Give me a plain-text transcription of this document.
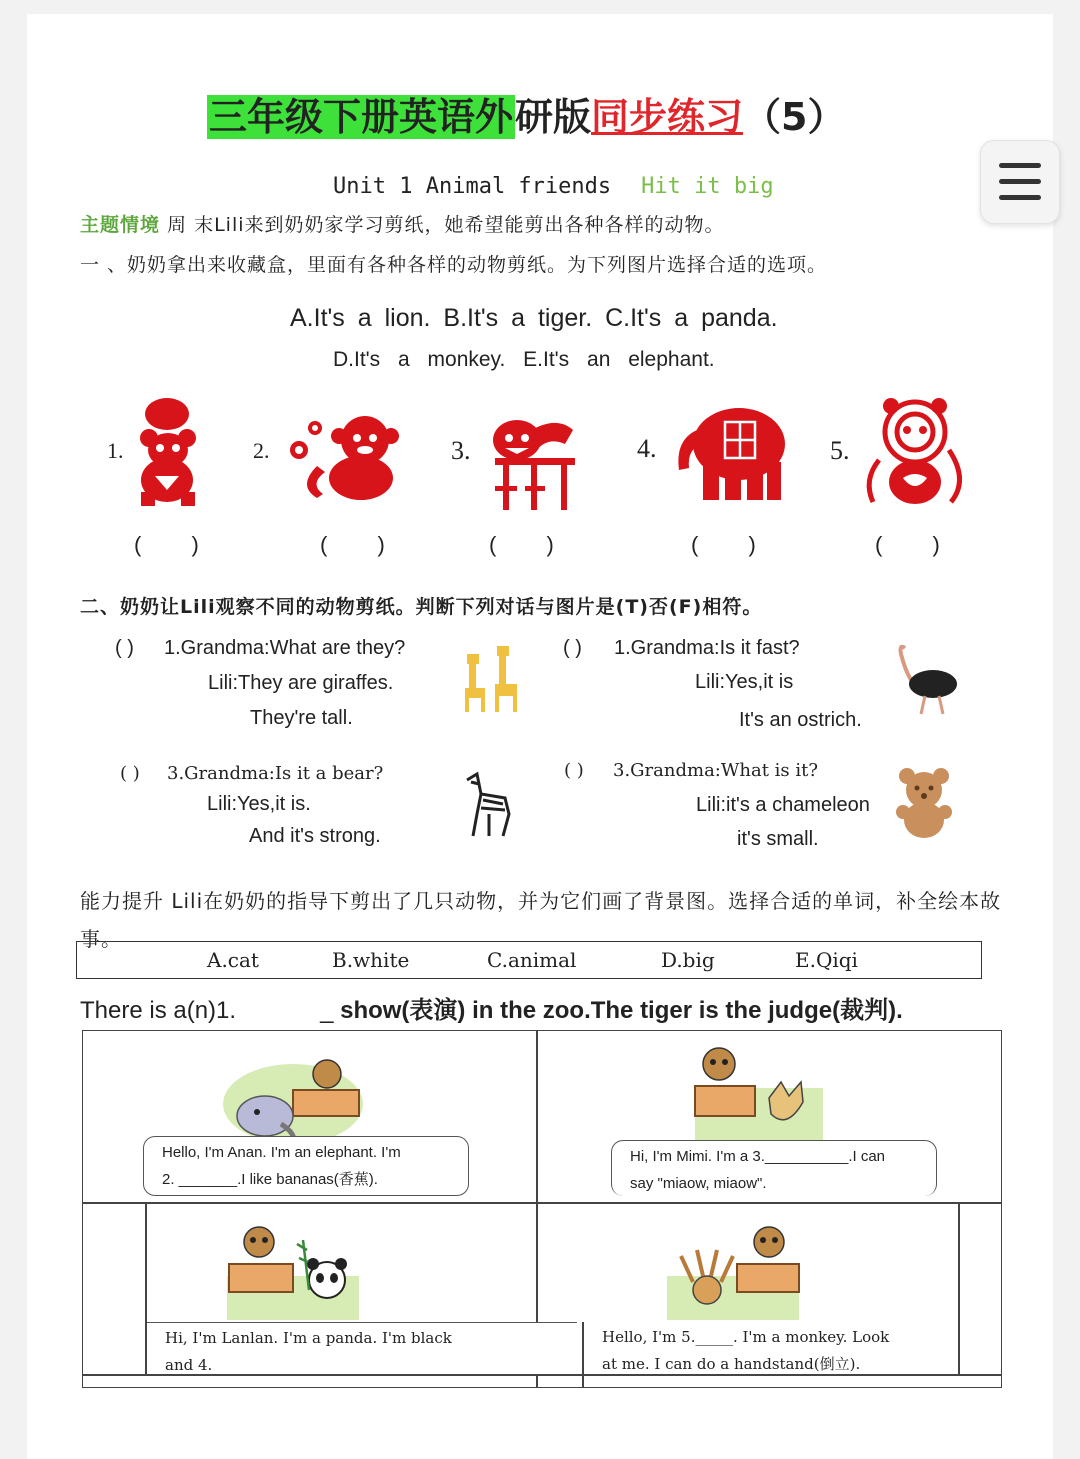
三年级下册英语外研版同步练习（5）
Unit 1 Animal friends Hit it big
主题情境 周 末Lili来到奶奶家学习剪纸，她希望能剪出各种各样的动物。
一 、奶奶拿出来收藏盒，里面有各种各样的动物剪纸。为下列图片选择合适的选项。
A.It's a lion. B.It's a tiger. C.It's a panda.
D.It's a monkey. E.It's an elephant.
1.	2.	3.	4.	5.
( )	( )	( )	( )	( )
二、奶奶让Lili观察不同的动物剪纸。判断下列对话与图片是(T)否(F)相符。
( ) 1.Grandma:What are they?
Lili:They are giraffes.
They're tall.
( ) 1.Grandma:Is it fast?
Lili:Yes,it is
It's an ostrich.
( ) 3.Grandma:Is it a bear?
Lili:Yes,it is.
And it's strong.
( ) 3.Grandma:What is it?
Lili:it's a chameleon
it's small.
能力提升 Lili在奶奶的指导下剪出了几只动物，并为它们画了背景图。选择合适的单词，补全绘本故事。
A.cat	B.white	C.animal	D.big	E.Qiqi
There is a(n)1.	_ show(表演) in the zoo.The tiger is the judge(裁判).
Hello, I'm Anan. I'm an elephant. I'm
2. _______.I like bananas(香蕉).
Hi, I'm Mimi. I'm a 3.__________.I can
say "miaow, miaow".
Hi, I'm Lanlan. I'm a panda. I'm black
and 4.
Hello, I'm 5._____. I'm a monkey. Look
at me. I can do a handstand(倒立).
